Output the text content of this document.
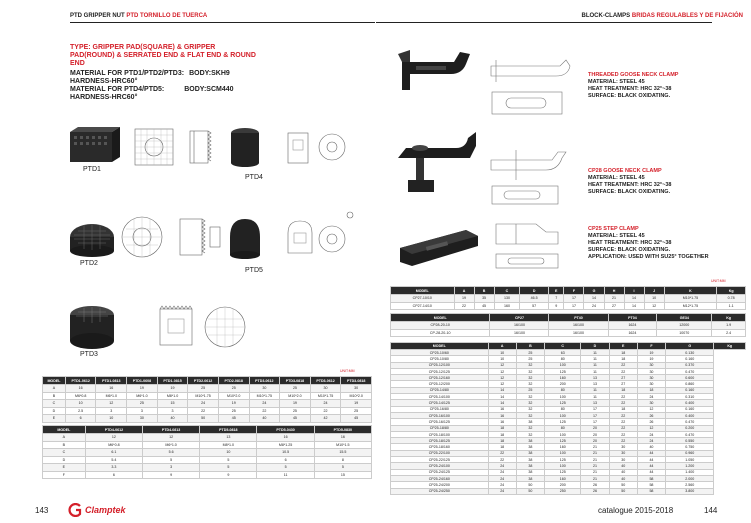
PTD GRIPPER NUT PTD TORNILLO DE TUERCA
TYPE: GRIPPER PAD(SQUARE) & GRIPPER PAD(ROUND) & SERRATED END & FLAT END & ROUND END
MATERIAL FOR PTD1/PTD2/PTD3: BODY:SKH9
HARDNESS-HRC60°
MATERIAL FOR PTD4/PTD5:	BODY:SCM440
HARDNESS-HRC60°
PTD1
PTD4
PTD2
PTD5
PTD3
UNIT:MM
MODEL	PTD1-0612	PTD1-0813	PTD1-0608	PTD1-0815	PTD2-0612	PTD2-0818	PTD3-0612	PTD3-0818	PTD3-0612	PTD3-0818
A	16	16	19	19	25	25	30	25	30	30
B	M6*0.8	M6*1.0	M6*1.0	M8*1.0	M10*1.75	M10*2.0	M10*1.75	M10*2.0	M10*1.75	M10*2.0
C	10	12	25	15	24	19	24	19	24	19
D	2.5	3	3	3	22	25	22	25	22	25
E	6	10	30	40	50	45	40	45	42	45
MODEL	PTD4-0612	PTD4-0813	PTD5-0818	PTD5-0430	PTD5-0830
A	12	12	13	16	16
B	M6*0.8	M6*1.0	M8*1.0	M8*1.25	M10*1.5
C	6.1	5.6	10	10.5	15.5
D	5.4	5	5	6	8
E	3.3	3	5	5	5
F	6	9	9	11	15
143	Clamptek
BLOCK-CLAMPS BRIDAS REGULABLES Y DE FIJACIÓN
THREADED GOOSE NECK CLAMP
MATERIAL: STEEL 45
HEAT TREATMENT: HRC 32°~38
SURFACE: BLACK OXIDATING.
CP28 GOOSE NECK CLAMP
MATERIAL: STEEL 45
HEAT TREATMENT: HRC 32°~38
SURFACE: BLACK OXIDATING.
CP25 STEP CLAMP
MATERIAL: STEEL 45
HEAT TREATMENT: HRC 32°~38
SURFACE: BLACK OXIDATING.
APPLICATION: USED WITH SU25° TOGETHER
UNIT:MM
MODEL	A	B	C	D	E	F	G	H	I	J	K	Kg
CP27-10/10	19	35	130	46.5	7	17	14	21	14	10	M10*1.75	0.78
CP27-14/10	22	45	160	57	9	17	24	27	14	12	M12*1.75	1.1
MODEL	CP27	PT40	PT04	GE34	Kg
CP28-20-10	16/100	16/100	1624	12000	1.9
CP-28-20-10	16/100	16/100	1624	10070	2.4
MODEL	A	B	C	D	E	F	G	Kg
CP25-10/60	10	25	63	11	18	19	0.130	
CP25-10/80	10	25	80	11	18	19	0.160	
CP25-12/100	12	32	100	11	22	30	0.370	
CP25-12/125	12	32	125	11	22	30	0.470	
CP25-12/160	12	32	160	13	27	30	0.600	
CP25-12/200	12	32	200	13	27	30	0.860	
CP25-14/80	14	25	80	11	18	18	0.160	
CP25-14/100	14	32	100	11	22	24	0.310	
CP25-14/125	14	32	125	13	22	30	0.400	
CP25-16/80	16	32	80	17	18	12	0.160	
CP25-16/100	16	32	100	17	22	26	0.400	
CP25-16/125	16	38	125	17	22	26	0.470	
CP25-18/80	18	32	80	20	22	12	0.200	
CP25-18/100	18	32	100	20	22	24	0.470	
CP25-18/125	18	38	125	20	22	24	0.550	
CP25-18/160	18	38	160	21	30	40	0.750	
CP25-22/100	22	38	100	21	30	44	0.960	
CP25-22/125	22	38	125	21	30	44	1.050	
CP25-24/100	24	38	100	21	40	44	1.200	
CP25-24/125	24	38	125	21	40	44	1.400	
CP25-24/160	24	38	160	21	40	58	2.000	
CP25-24/200	24	50	200	26	50	58	2.560	
CP25-24/250	24	50	250	26	50	58	3.800	
catalogue 2015-2018	144
